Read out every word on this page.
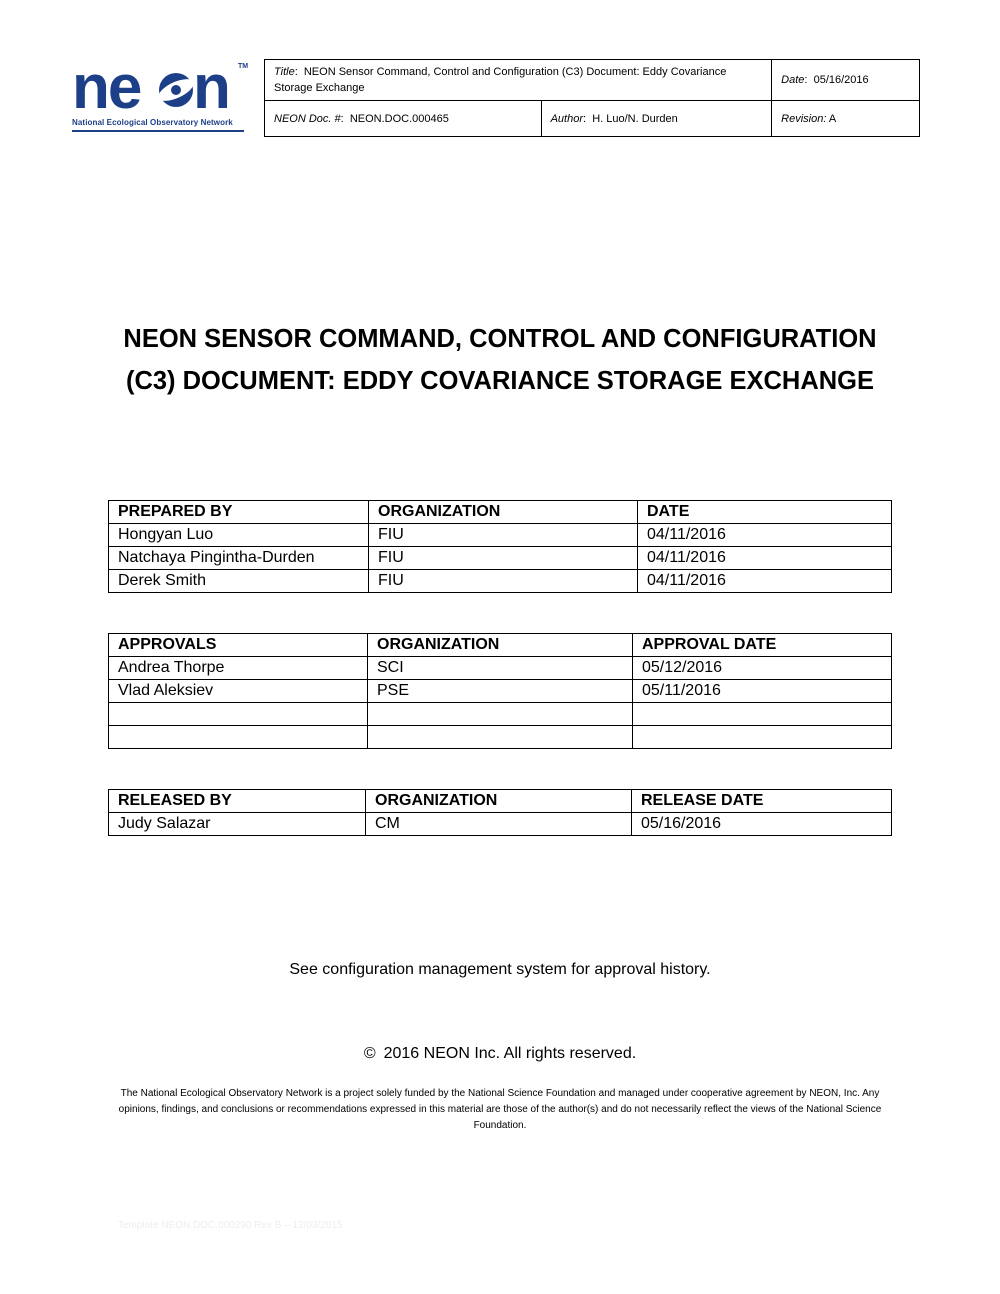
ne n TM
National Ecological Observatory Network
Title:  NEON Sensor Command, Control and Configuration (C3) Document: Eddy Covariance Storage Exchange		Date:  05/16/2016
NEON Doc. #:  NEON.DOC.000465	Author:  H. Luo/N. Durden	Revision: A
NEON SENSOR COMMAND, CONTROL AND CONFIGURATION
(C3) DOCUMENT: EDDY COVARIANCE STORAGE EXCHANGE
PREPARED BY	ORGANIZATION	DATE
Hongyan Luo	FIU	04/11/2016
Natchaya Pingintha-Durden	FIU	04/11/2016
Derek Smith	FIU	04/11/2016
APPROVALS	ORGANIZATION	APPROVAL DATE
Andrea Thorpe	SCI	05/12/2016
Vlad Aleksiev	PSE	05/11/2016

RELEASED BY	ORGANIZATION	RELEASE DATE
Judy Salazar	CM	05/16/2016
See configuration management system for approval history.
© 2016 NEON Inc. All rights reserved.
The National Ecological Observatory Network is a project solely funded by the National Science Foundation and managed under cooperative agreement by NEON, Inc. Any opinions, findings, and conclusions or recommendations expressed in this material are those of the author(s) and do not necessarily reflect the views of the National Science Foundation.
Template NEON.DOC.000290 Rev B – 12/03/2015
